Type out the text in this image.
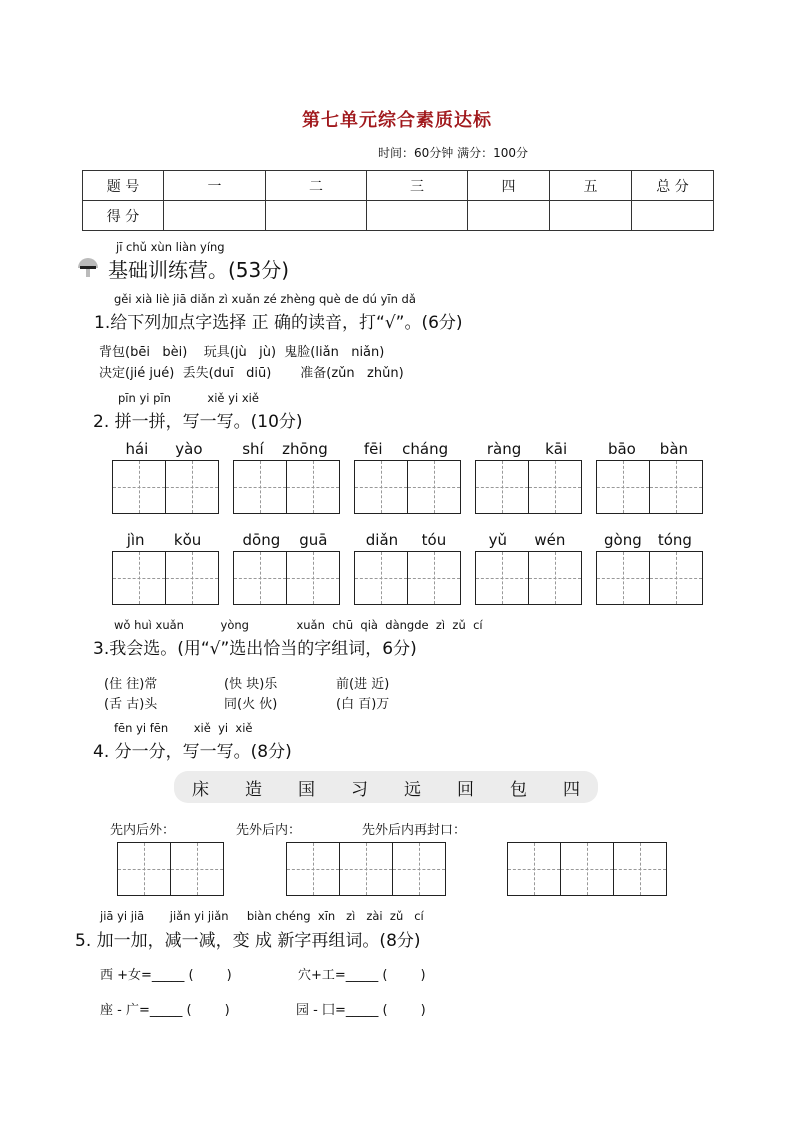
第七单元综合素质达标
时间：60分钟 满分：100分
题 号	一	二	三	四	五	总 分
得 分						
jī chǔ xùn liàn yíng
基础训练营。(53分)
gěi xià liè jiā diǎn zì xuǎn zé zhèng què de dú yīn dǎ
1.给下列加点字选择 正 确的读音，打“√”。(6分)
背包(bēi   bèi)    玩具(jù   jù)  鬼脸(liǎn   niǎn)
决定(jié jué)  丢失(duī   diū)       准备(zǔn   zhǔn)
pīn yi pīn          xiě yi xiě
2. 拼一拼，写一写。(10分)
hái yào	shí zhōng fēi cháng	ràng kāi	bāo bàn
jìn kǒu	dōng guā	diǎn tóu	yǔ wén	gòng tóng
wǒ huì xuǎn          yòng             xuǎn  chū  qià  dàngde  zì  zǔ  cí
3.我会选。(用“√”选出恰当的字组词，6分)
(住 往)常	(快 块)乐	前(进 近)
(舌 古)头	同(火 伙)	(白 百)万
fēn yi fēn       xiě  yi  xiě
4. 分一分，写一写。(8分)
床 造 国 习 远 回 包 四
先内后外：	先外后内：	先外后内再封口：
jiā yi jiā       jiǎn yi jiǎn     biàn chéng  xīn   zì   zài  zǔ   cí
5. 加一加，减一减，变 成 新字再组词。(8分)
西 +女=_____ (        )	穴+工=_____ (        )
座 - 广=_____ (        )	园 - 囗=_____ (        )
